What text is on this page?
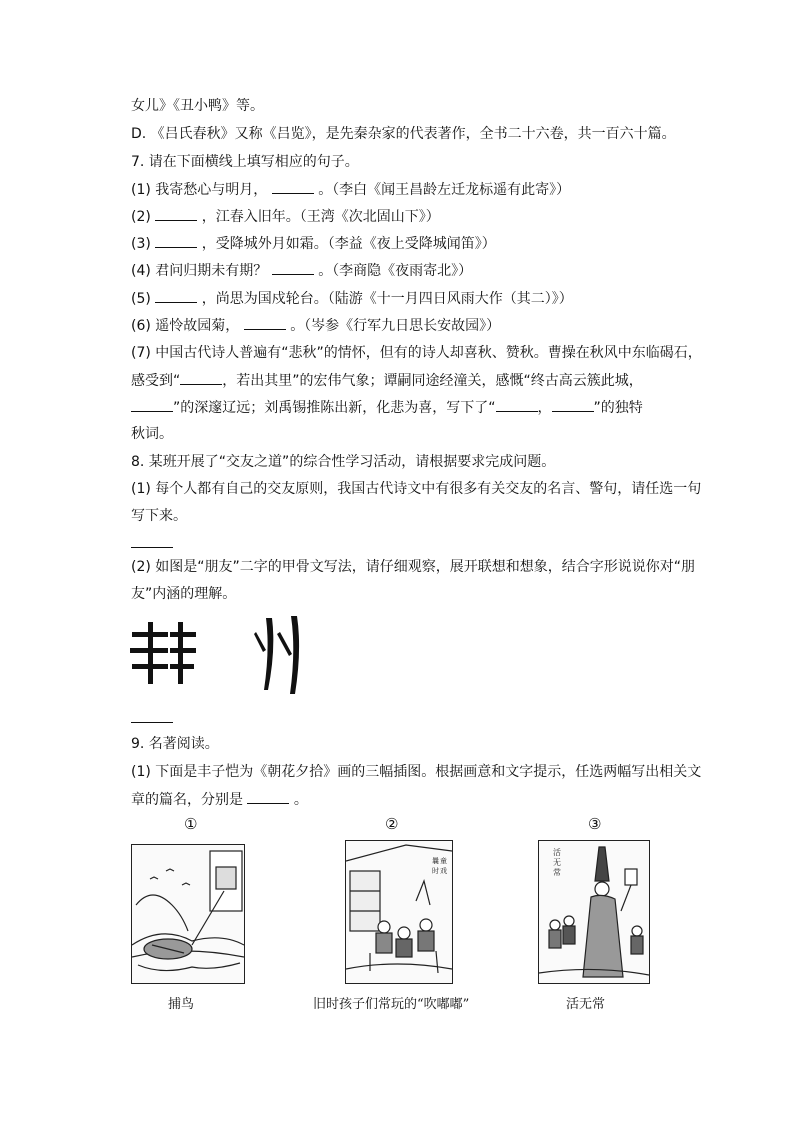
女儿》《丑小鸭》等。
D. 《吕氏春秋》又称《吕览》，是先秦杂家的代表著作，全书二十六卷，共一百六十篇。
7. 请在下面横线上填写相应的句子。
(1) 我寄愁心与明月，	。（李白《闻王昌龄左迁龙标遥有此寄》）
(2)	，江春入旧年。（王湾《次北固山下》）
(3)	，受降城外月如霜。（李益《夜上受降城闻笛》）
(4) 君问归期未有期？	。（李商隐《夜雨寄北》）
(5)	，尚思为国戍轮台。（陆游《十一月四日风雨大作（其二）》）
(6) 遥怜故园菊，	。（岑参《行军九日思长安故园》）
(7) 中国古代诗人普遍有“悲秋”的情怀，但有的诗人却喜秋、赞秋。曹操在秋风中东临碣石，
感受到“	，若出其里”的宏伟气象；谭嗣同途经潼关，感慨“终古高云簇此城，
”的深邃辽远；刘禹锡推陈出新，化悲为喜，写下了“	，	”的独特
秋词。
8. 某班开展了“交友之道”的综合性学习活动，请根据要求完成问题。
(1) 每个人都有自己的交友原则，我国古代诗文中有很多有关交友的名言、警句，请任选一句
写下来。
(2) 如图是“朋友”二字的甲骨文写法，请仔细观察，展开联想和想象，结合字形说说你对“朋
友”内涵的理解。
9. 名著阅读。
(1) 下面是丰子恺为《朝花夕拾》画的三幅插图。根据画意和文字提示，任选两幅写出相关文
章的篇名，分别是	。
①	②	③
曩
时
童
戏
活
无
常
捕鸟	旧时孩子们常玩的“吹嘟嘟”	活无常
